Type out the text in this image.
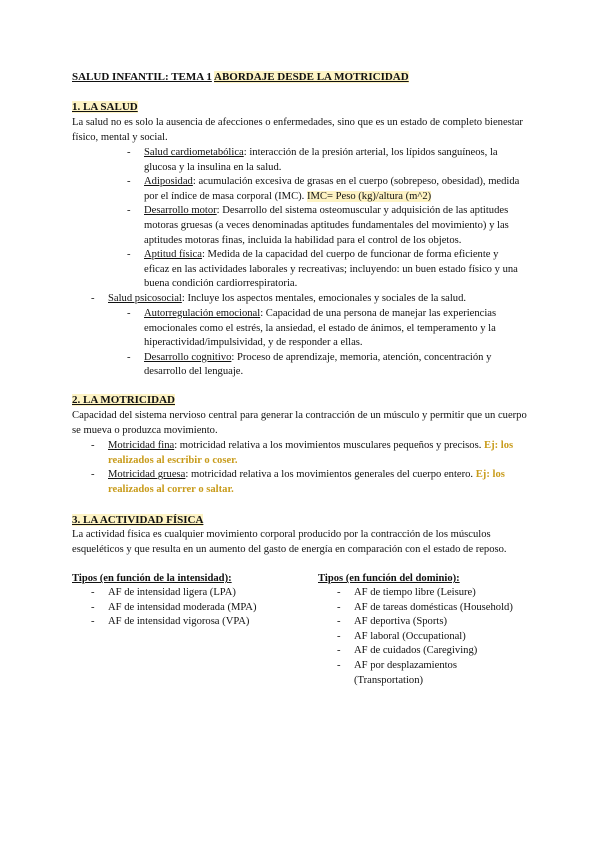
SALUD INFANTIL: TEMA 1 ABORDAJE DESDE LA MOTRICIDAD
1. LA SALUD
La salud no es solo la ausencia de afecciones o enfermedades, sino que es un estado de completo bienestar físico, mental y social.
- Salud cardiometabólica: interacción de la presión arterial, los lípidos sanguíneos, la glucosa y la insulina en la salud.
- Adiposidad: acumulación excesiva de grasas en el cuerpo (sobrepeso, obesidad), medida por el índice de masa corporal (IMC). IMC= Peso (kg)/altura (m^2)
- Desarrollo motor: Desarrollo del sistema osteomuscular y adquisición de las aptitudes motoras gruesas (a veces denominadas aptitudes fundamentales del movimiento) y las aptitudes motoras finas, incluida la habilidad para el control de los objetos.
- Aptitud física: Medida de la capacidad del cuerpo de funcionar de forma eficiente y eficaz en las actividades laborales y recreativas; incluyendo: un buen estado físico y una buena condición cardiorrespiratoria.
- Salud psicosocial: Incluye los aspectos mentales, emocionales y sociales de la salud.
- Autorregulación emocional: Capacidad de una persona de manejar las experiencias emocionales como el estrés, la ansiedad, el estado de ánimos, el temperamento y la hiperactividad/impulsividad, y de responder a ellas.
- Desarrollo cognitivo: Proceso de aprendizaje, memoria, atención, concentración y desarrollo del lenguaje.
2. LA MOTRICIDAD
Capacidad del sistema nervioso central para generar la contracción de un músculo y permitir que un cuerpo se mueva o produzca movimiento.
- Motricidad fina: motricidad relativa a los movimientos musculares pequeños y precisos. Ej: los realizados al escribir o coser.
- Motricidad gruesa: motricidad relativa a los movimientos generales del cuerpo entero. Ej: los realizados al correr o saltar.
3. LA ACTIVIDAD FÍSICA
La actividad física es cualquier movimiento corporal producido por la contracción de los músculos esqueléticos y que resulta en un aumento del gasto de energía en comparación con el estado de reposo.
Tipos (en función de la intensidad):
- AF de intensidad ligera (LPA)
- AF de intensidad moderada (MPA)
- AF de intensidad vigorosa (VPA)
Tipos (en función del dominio):
- AF de tiempo libre (Leisure)
- AF de tareas domésticas (Household)
- AF deportiva (Sports)
- AF laboral (Occupational)
- AF de cuidados (Caregiving)
- AF por desplazamientos (Transportation)
